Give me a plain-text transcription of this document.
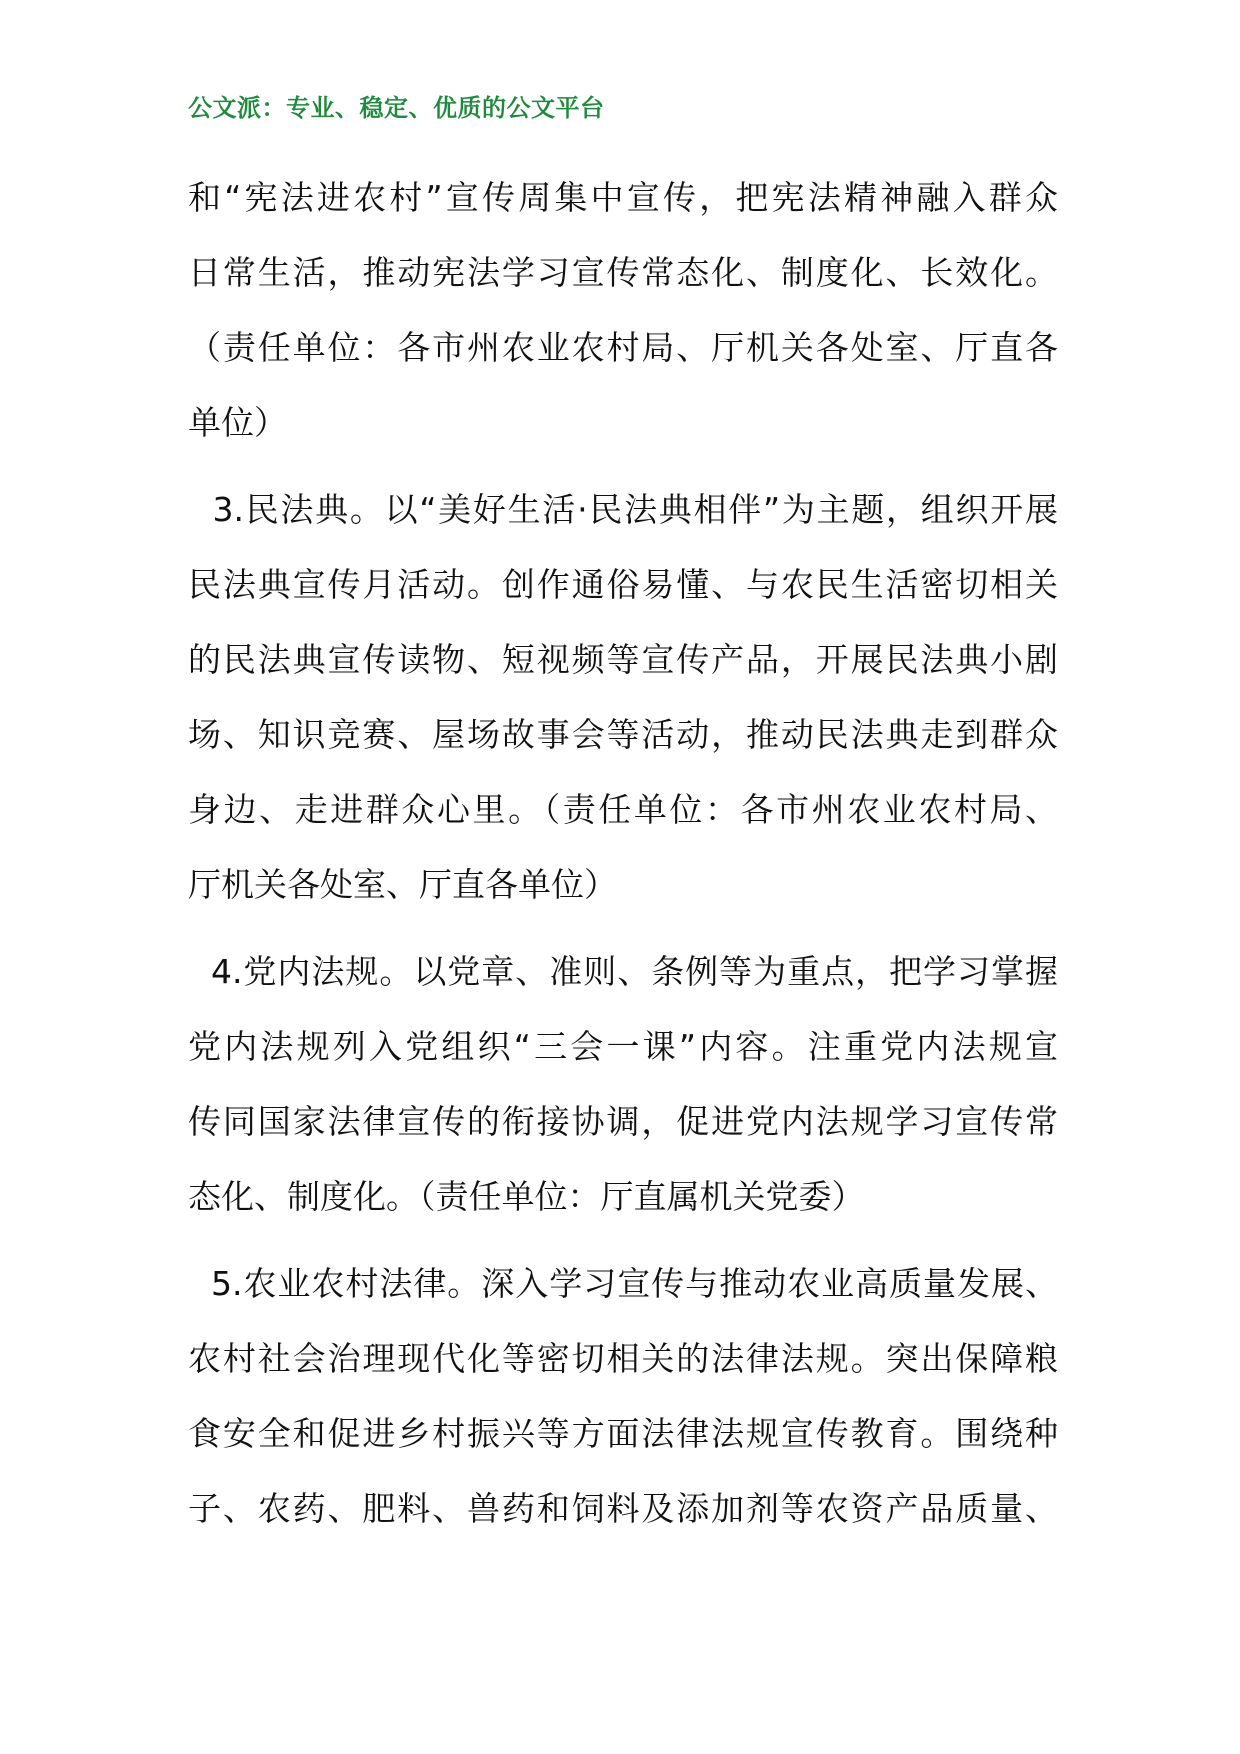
公文派：专业、稳定、优质的公文平台
和“宪法进农村”宣传周集中宣传，把宪法精神融入群众
日常生活，推动宪法学习宣传常态化、制度化、长效化。
（责任单位：各市州农业农村局、厅机关各处室、厅直各
单位）
3.民法典。以“美好生活·民法典相伴”为主题，组织开展
民法典宣传月活动。创作通俗易懂、与农民生活密切相关
的民法典宣传读物、短视频等宣传产品，开展民法典小剧
场、知识竞赛、屋场故事会等活动，推动民法典走到群众
身边、走进群众心里。（责任单位：各市州农业农村局、
厅机关各处室、厅直各单位）
4.党内法规。以党章、准则、条例等为重点，把学习掌握
党内法规列入党组织“三会一课”内容。注重党内法规宣
传同国家法律宣传的衔接协调，促进党内法规学习宣传常
态化、制度化。（责任单位：厅直属机关党委）
5.农业农村法律。深入学习宣传与推动农业高质量发展、
农村社会治理现代化等密切相关的法律法规。突出保障粮
食安全和促进乡村振兴等方面法律法规宣传教育。围绕种
子、农药、肥料、兽药和饲料及添加剂等农资产品质量、
